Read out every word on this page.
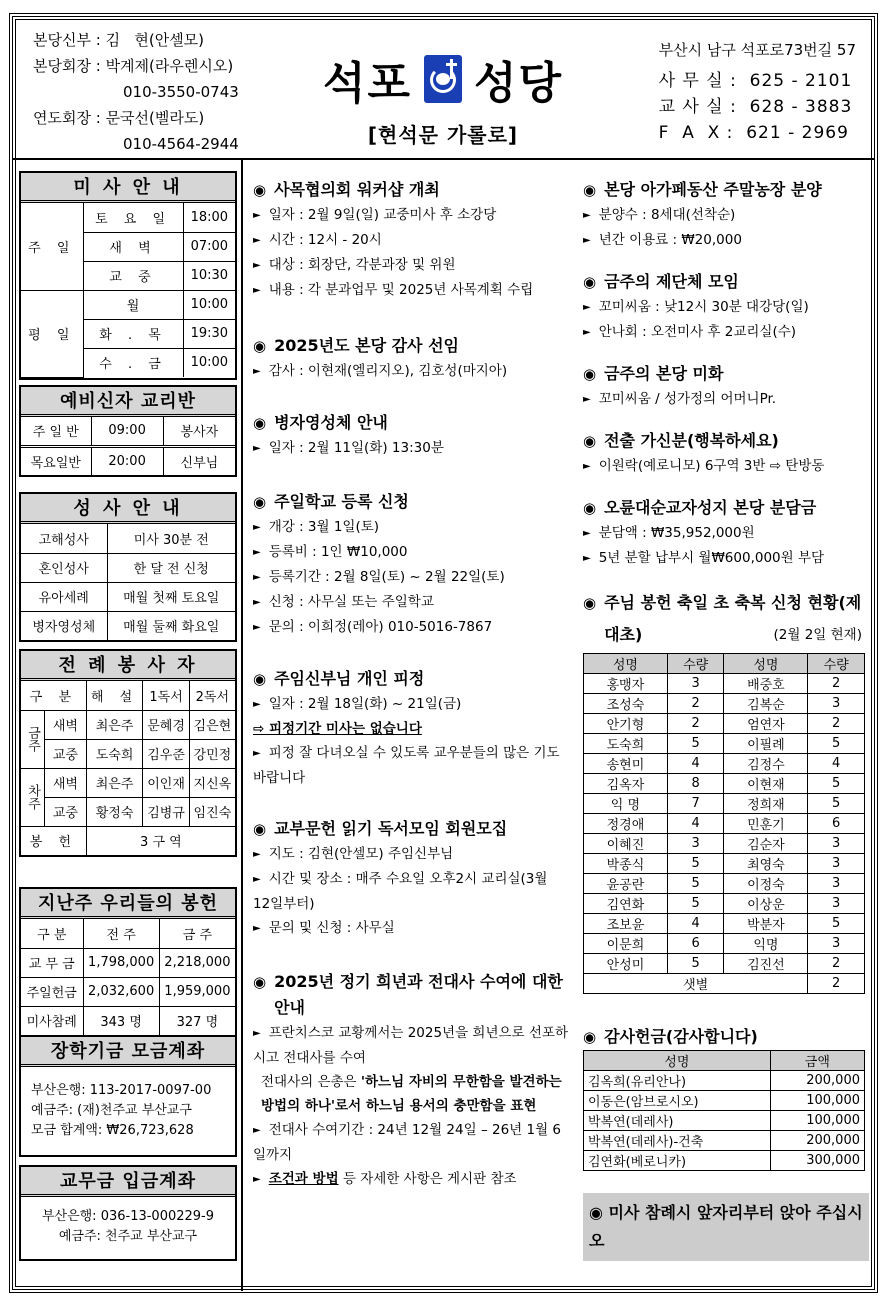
본당신부 : 김   현(안셀모)
본당회장 : 박계제(라우렌시오)
010-3550-0743
연도회장 : 문국선(벨라도)
010-4564-2944
석포 성당
[현석문 가롤로]
부산시 남구 석포로73번길 57
사 무 실 :  625 - 2101
교 사 실 :  628 - 3883
F  A  X :  621 - 2969
미 사 안 내
주 일	토 요 일	18:00
	새 벽	07:00
	교 중	10:30
평 일	월	10:00
	화 . 목	19:30
	수 . 금	10:00
예비신자 교리반
주 일 반	09:00	봉사자
목요일반	20:00	신부님
성 사 안 내
고해성사	미사 30분 전
혼인성사	한 달 전 신청
유아세례	매월 첫째 토요일
병자영성체	매월 둘째 화요일
전 례 봉 사 자
구 분		해 설	1독서	2독서
금주	새벽	최은주	문혜경	김은현
	교중	도숙희	김우준	강민정
차주	새벽	최은주	이인재	지신옥
	교중	황정숙	김병규	임진숙
봉 헌		3 구 역		
지난주 우리들의 봉헌
구 분	전 주	금 주
교 무 금	1,798,000	2,218,000
주일헌금	2,032,600	1,959,000
미사참례	343 명	327 명
장학기금 모금계좌
부산은행: 113-2017-0097-00
예금주: (재)천주교 부산교구
모금 합계액: ₩26,723,628
교무금 입금계좌
부산은행: 036-13-000229-9
예금주: 천주교 부산교구
◉ 사목협의회 워커샵 개최
► 일자 : 2월 9일(일) 교중미사 후 소강당
► 시간 : 12시 - 20시
► 대상 : 회장단, 각분과장 및 위원
► 내용 : 각 분과업무 및 2025년 사목계획 수립
◉ 2025년도 본당 감사 선임
► 감사 : 이현재(엘리지오), 김호성(마지아)
◉ 병자영성체 안내
► 일자 : 2월 11일(화) 13:30분
◉ 주일학교 등록 신청
► 개강 : 3월 1일(토)
► 등록비 : 1인 ₩10,000
► 등록기간 : 2월 8일(토) ~ 2월 22일(토)
► 신청 : 사무실 또는 주일학교
► 문의 : 이희정(레아) 010-5016-7867
◉ 주임신부님 개인 피정
► 일자 : 2월 18일(화) ~ 21일(금)
⇨ 피정기간 미사는 없습니다
► 피정 잘 다녀오실 수 있도록 교우분들의 많은 기도 바랍니다
◉ 교부문헌 읽기 독서모임 회원모집
► 지도 : 김현(안셀모) 주임신부님
► 시간 및 장소 : 매주 수요일 오후2시 교리실(3월 12일부터)
► 문의 및 신청 : 사무실
◉ 2025년 정기 희년과 전대사 수여에 대한 안내
► 프란치스코 교황께서는 2025년을 희년으로 선포하시고 전대사를 수여
전대사의 은총은 '하느님 자비의 무한함을 발견하는 방법의 하나'로서 하느님 용서의 충만함을 표현
► 전대사 수여기간 : 24년 12월 24일 – 26년 1월 6일까지
► 조건과 방법 등 자세한 사항은 게시판 참조
◉ 본당 아가페동산 주말농장 분양
► 분양수 : 8세대(선착순)
► 년간 이용료 : ₩20,000
◉ 금주의 제단체 모임
► 꼬미씨움 : 낮12시 30분 대강당(일)
► 안나회 : 오전미사 후 2교리실(수)
◉ 금주의 본당 미화
► 꼬미씨움 / 성가정의 어머니Pr.
◉ 전출 가신분(행복하세요)
► 이원락(예로니모) 6구역 3반 ⇨ 탄방동
◉ 오륜대순교자성지 본당 분담금
► 분담액 : ₩35,952,000원
► 5년 분할 납부시 월₩600,000원 부담
◉ 주님 봉헌 축일 초 축복 신청 현황(제대초)	(2월 2일 현재)
성명	수량	성명	수량
홍맹자	3	배중호	2
조성숙	2	김복순	3
안기형	2	엄연자	2
도숙희	5	이필례	5
송현미	4	김정수	4
김옥자	8	이현재	5
익 명	7	정희재	5
정경애	4	민훈기	6
이혜진	3	김순자	3
박종식	5	최영숙	3
윤공란	5	이정숙	3
김연화	5	이상운	3
조보윤	4	박분자	5
이문희	6	익명	3
안성미	5	김진선	2
샛별			2
◉ 감사헌금(감사합니다)
성명	금액
김옥희(유리안나)	200,000
이동은(암브로시오)	100,000
박복연(데레사)	100,000
박복연(데레사)-건축	200,000
김연화(베로니카)	300,000
◉ 미사 참례시 앞자리부터 앉아 주십시오
